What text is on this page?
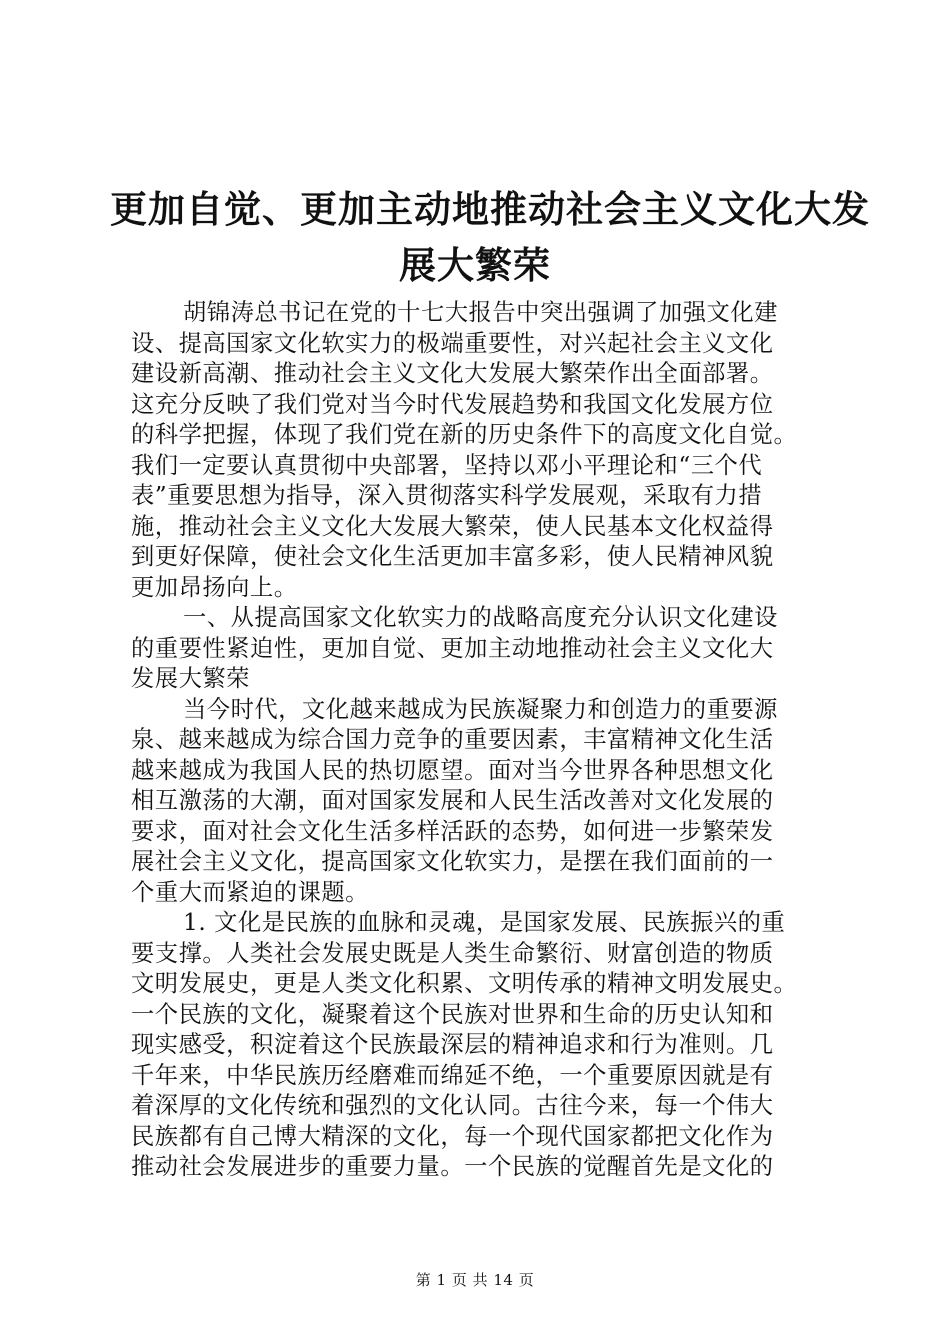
更加自觉、更加主动地推动社会主义文化大发
展大繁荣
胡锦涛总书记在党的十七大报告中突出强调了加强文化建
设、提高国家文化软实力的极端重要性，对兴起社会主义文化
建设新高潮、推动社会主义文化大发展大繁荣作出全面部署。
这充分反映了我们党对当今时代发展趋势和我国文化发展方位
的科学把握，体现了我们党在新的历史条件下的高度文化自觉。
我们一定要认真贯彻中央部署，坚持以邓小平理论和“三个代
表”重要思想为指导，深入贯彻落实科学发展观，采取有力措
施，推动社会主义文化大发展大繁荣，使人民基本文化权益得
到更好保障，使社会文化生活更加丰富多彩，使人民精神风貌
更加昂扬向上。
一、从提高国家文化软实力的战略高度充分认识文化建设
的重要性紧迫性，更加自觉、更加主动地推动社会主义文化大
发展大繁荣
当今时代，文化越来越成为民族凝聚力和创造力的重要源
泉、越来越成为综合国力竞争的重要因素，丰富精神文化生活
越来越成为我国人民的热切愿望。面对当今世界各种思想文化
相互激荡的大潮，面对国家发展和人民生活改善对文化发展的
要求，面对社会文化生活多样活跃的态势，如何进一步繁荣发
展社会主义文化，提高国家文化软实力，是摆在我们面前的一
个重大而紧迫的课题。
1. 文化是民族的血脉和灵魂，是国家发展、民族振兴的重
要支撑。人类社会发展史既是人类生命繁衍、财富创造的物质
文明发展史，更是人类文化积累、文明传承的精神文明发展史。
一个民族的文化，凝聚着这个民族对世界和生命的历史认知和
现实感受，积淀着这个民族最深层的精神追求和行为准则。几
千年来，中华民族历经磨难而绵延不绝，一个重要原因就是有
着深厚的文化传统和强烈的文化认同。古往今来，每一个伟大
民族都有自己博大精深的文化，每一个现代国家都把文化作为
推动社会发展进步的重要力量。一个民族的觉醒首先是文化的
第 1 页 共 14 页
